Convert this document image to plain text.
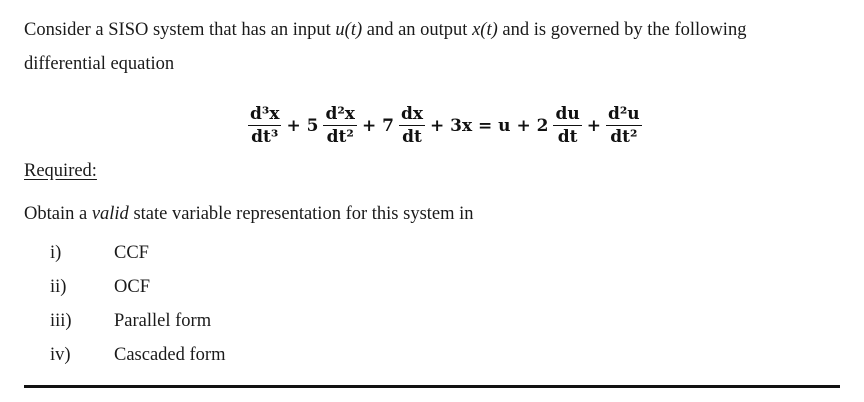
Consider a SISO system that has an input u(t) and an output x(t) and is governed by the following differential equation
$\frac{\text{d³x}}{\text{dt³}} + 5 \frac{\text{d²x}}{\text{dt²}} + 7 \frac{dx}{dt} + 3x = u + 2 \frac{du}{dt} + \frac{\text{d²u}}{\text{dt²}}$
Required:
Obtain a valid state variable representation for this system in
i)	CCF
ii)	OCF
iii)	Parallel form
iv)	Cascaded form
